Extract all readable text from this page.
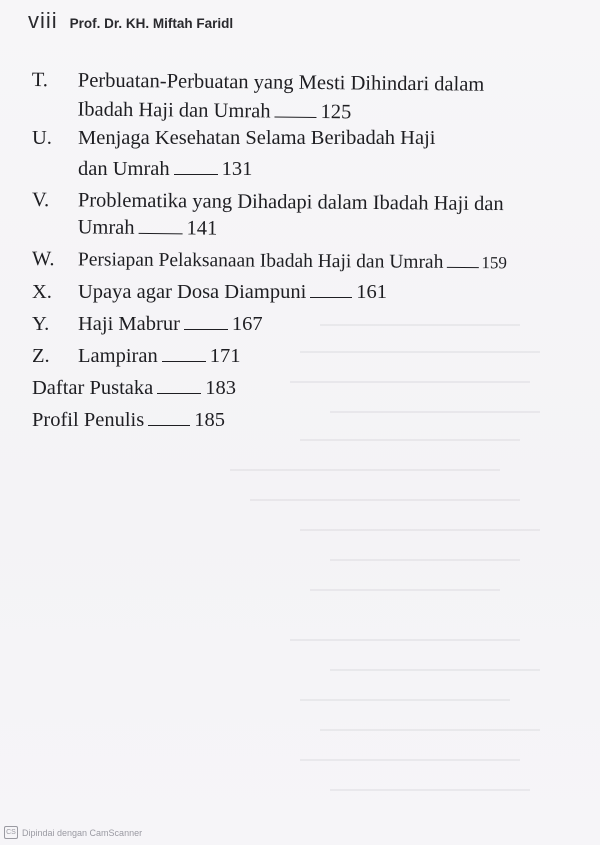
viii Prof. Dr. KH. Miftah Faridl
T. Perbuatan-Perbuatan yang Mesti Dihindari dalam
Ibadah Haji dan Umrah 125
U. Menjaga Kesehatan Selama Beribadah Haji
dan Umrah	131
V. Problematika yang Dihadapi dalam Ibadah Haji dan
Umrah	141
W. Persiapan Pelaksanaan Ibadah Haji dan Umrah 159
X. Upaya agar Dosa Diampuni 161
Y. Haji Mabrur	167
Z. Lampiran	171
Daftar Pustaka	183
Profil Penulis 185
CS Dipindai dengan CamScanner
